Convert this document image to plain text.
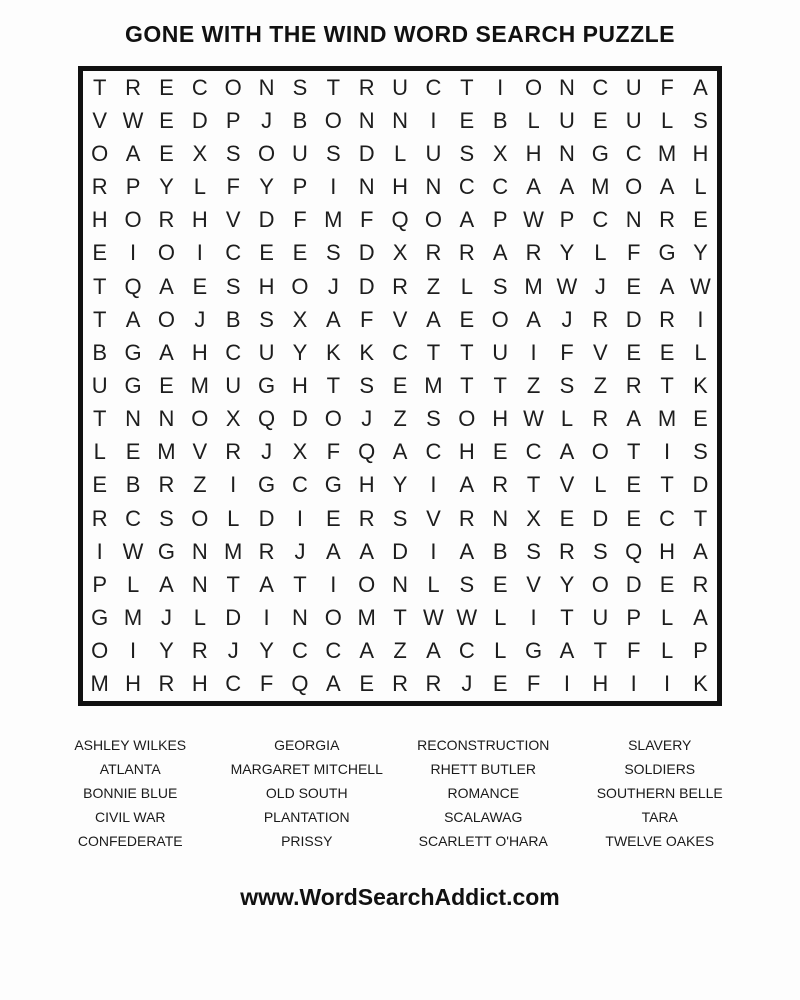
GONE WITH THE WIND WORD SEARCH PUZZLE
T R E C O N S T R U C T	I O N C U F A
V W E D P J B O N N	I	E B L U E U L S
O A E X S O U S D L U S X H N G C M H
R P Y L F Y P	I	N H N C C A A M O A L
H O R H V D F M F Q O A P W P C N R E
E	I O I	C E E S D X R R A R Y L F G Y
T Q A E S H O J D R Z L S M W J E A W
T A O J B S X A F V A E O A J R D R	I
B G A H C U Y K K C T T U	I	F V E E L
U G E M U G H T S E M T T Z S Z R T K
T N N O X Q D O J Z S O H W L R A M E
L E M V R J X F Q A C H E C A O T	I	S
E B R Z	I G C G H Y	I	A R T V L E T D
R C S O L D	I	E R S V R N X E D E C T
I W G N M R J A A D	I	A B S R S Q H A
P L A N T A T	I O N L S E V Y O D E R
G M J L D	I	N O M T W W L	I	T U P L A
O I	Y R J Y C C A Z A C L G A T F L P
M H R H C F Q A E R R J E F	I	H	I	I	K
ASHLEY WILKES
ATLANTA
BONNIE BLUE
CIVIL WAR
CONFEDERATE
GEORGIA
MARGARET MITCHELL
OLD SOUTH
PLANTATION
PRISSY
RECONSTRUCTION
RHETT BUTLER
ROMANCE
SCALAWAG
SCARLETT O'HARA
SLAVERY
SOLDIERS
SOUTHERN BELLE
TARA
TWELVE OAKES
www.WordSearchAddict.com
